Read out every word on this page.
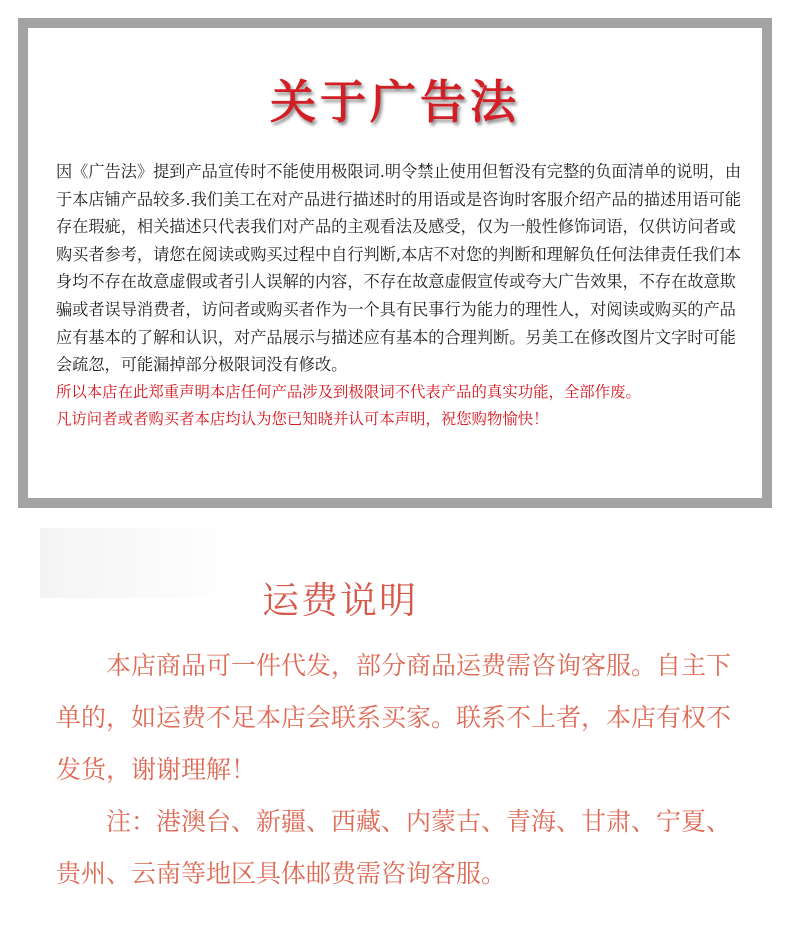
关于广告法

因《广告法》提到产品宣传时不能使用极限词.明令禁止使用但暂没有完整的负面清单的说明，由于本店铺产品较多.我们美工在对产品进行描述时的用语或是咨询时客服介绍产品的描述用语可能存在瑕疵，相关描述只代表我们对产品的主观看法及感受，仅为一般性修饰词语，仅供访问者或购买者参考，请您在阅读或购买过程中自行判断,本店不对您的判断和理解负任何法律责任我们本身均不存在故意虚假或者引人误解的内容，不存在故意虚假宣传或夸大广告效果，不存在故意欺骗或者误导消费者，访问者或购买者作为一个具有民事行为能力的理性人，对阅读或购买的产品应有基本的了解和认识，对产品展示与描述应有基本的合理判断。另美工在修改图片文字时可能会疏忽，可能漏掉部分极限词没有修改。

所以本店在此郑重声明本店任何产品涉及到极限词不代表产品的真实功能，全部作废。

凡访问者或者购买者本店均认为您已知晓并认可本声明，祝您购物愉快！

运费说明

本店商品可一件代发，部分商品运费需咨询客服。自主下单的，如运费不足本店会联系买家。联系不上者，本店有权不发货，谢谢理解！

注：港澳台、新疆、西藏、内蒙古、青海、甘肃、宁夏、贵州、云南等地区具体邮费需咨询客服。
